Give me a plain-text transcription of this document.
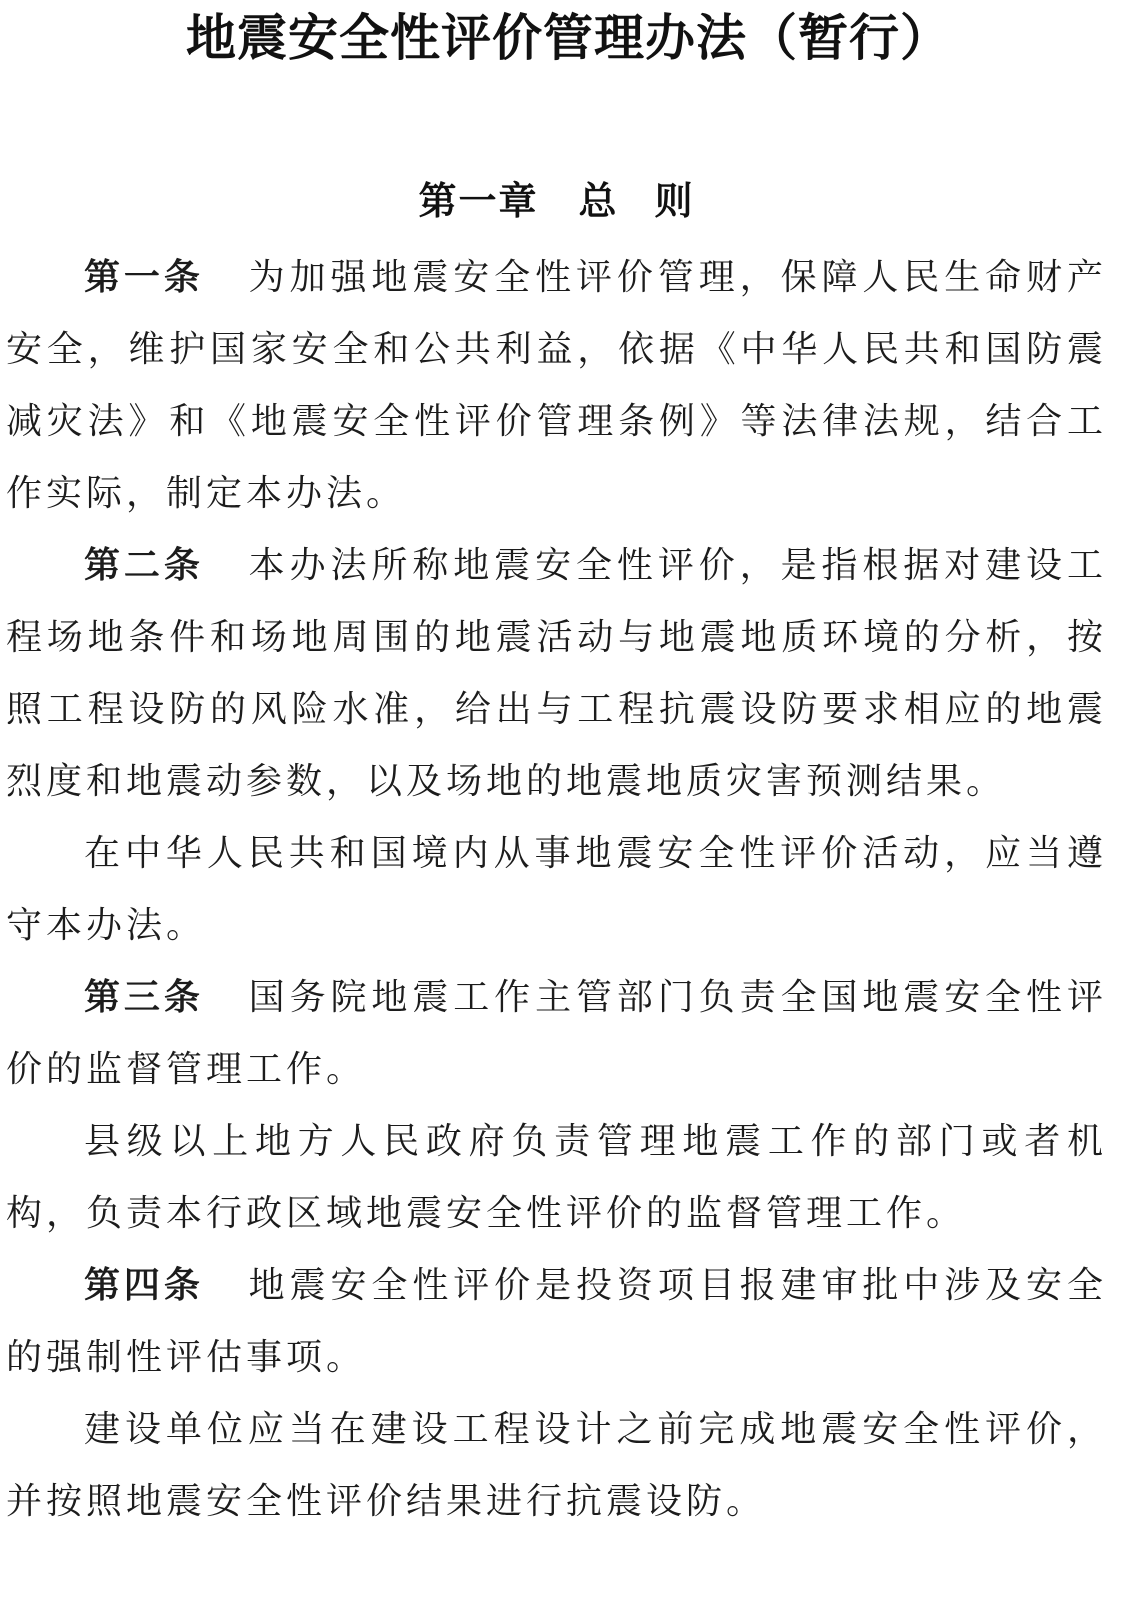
地震安全性评价管理办法（暂行）
第一章 总 则

第一条 为加强地震安全性评价管理，保障人民生命财产安全，维护国家安全和公共利益，依据《中华人民共和国防震减灾法》和《地震安全性评价管理条例》等法律法规，结合工作实际，制定本办法。

第二条 本办法所称地震安全性评价，是指根据对建设工程场地条件和场地周围的地震活动与地震地质环境的分析，按照工程设防的风险水准，给出与工程抗震设防要求相应的地震烈度和地震动参数，以及场地的地震地质灾害预测结果。

在中华人民共和国境内从事地震安全性评价活动，应当遵守本办法。

第三条 国务院地震工作主管部门负责全国地震安全性评价的监督管理工作。

县级以上地方人民政府负责管理地震工作的部门或者机构，负责本行政区域地震安全性评价的监督管理工作。

第四条 地震安全性评价是投资项目报建审批中涉及安全的强制性评估事项。

建设单位应当在建设工程设计之前完成地震安全性评价，并按照地震安全性评价结果进行抗震设防。
